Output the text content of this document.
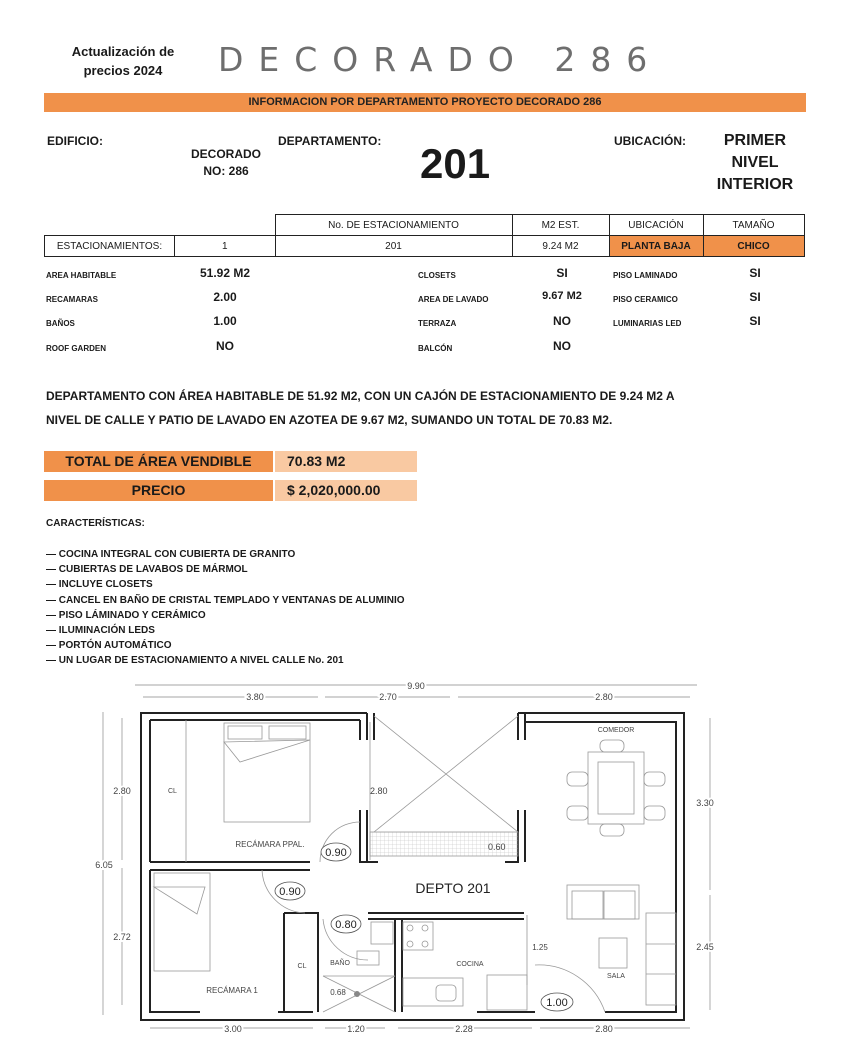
Actualización de
precios 2024	DECORADO 286
INFORMACION POR DEPARTAMENTO PROYECTO DECORADO 286
EDIFICIO:
DECORADO
NO: 286
DEPARTAMENTO: 201	UBICACIÓN:	PRIMER
NIVEL
INTERIOR
		No. DE ESTACIONAMIENTO	M2 EST.	UBICACIÓN	TAMAÑO
ESTACIONAMIENTOS:	1	201	9.24 M2	PLANTA BAJA	CHICO
AREA HABITABLE	51.92 M2
RECAMARAS	2.00
BAÑOS	1.00
ROOF GARDEN	NO
CLOSETS	SI
AREA DE LAVADO	9.67 M2
TERRAZA	NO
BALCÓN	NO
PISO LAMINADO	SI
PISO CERAMICO	SI
LUMINARIAS LED	SI
DEPARTAMENTO CON ÁREA HABITABLE DE 51.92 M2, CON UN CAJÓN DE ESTACIONAMIENTO DE 9.24 M2 A
NIVEL DE CALLE Y PATIO DE LAVADO EN AZOTEA DE 9.67 M2, SUMANDO UN TOTAL DE 70.83 M2.
TOTAL DE ÁREA VENDIBLE	70.83 M2
PRECIO	$ 2,020,000.00
CARACTERÍSTICAS:
— COCINA INTEGRAL CON CUBIERTA DE GRANITO
— CUBIERTAS DE LAVABOS DE MÁRMOL
— INCLUYE CLOSETS
— CANCEL EN BAÑO DE CRISTAL TEMPLADO Y VENTANAS DE ALUMINIO
— PISO LÁMINADO Y CERÁMICO
— ILUMINACIÓN LEDS
— PORTÓN AUTOMÁTICO
— UN LUGAR DE ESTACIONAMIENTO A NIVEL CALLE No. 201
9.90
3.80	2.70	2.80
6.05
2.80
2.72
3.30
2.45
3.00	1.20	2.28	2.80
2.80
0.60
CL
RECÁMARA PPAL.
RECÁMARA 1
CL	BAÑO
0.68
COCINA
1.25
COMEDOR
SALA
0.90
0.90
0.80
1.00
DEPTO 201
